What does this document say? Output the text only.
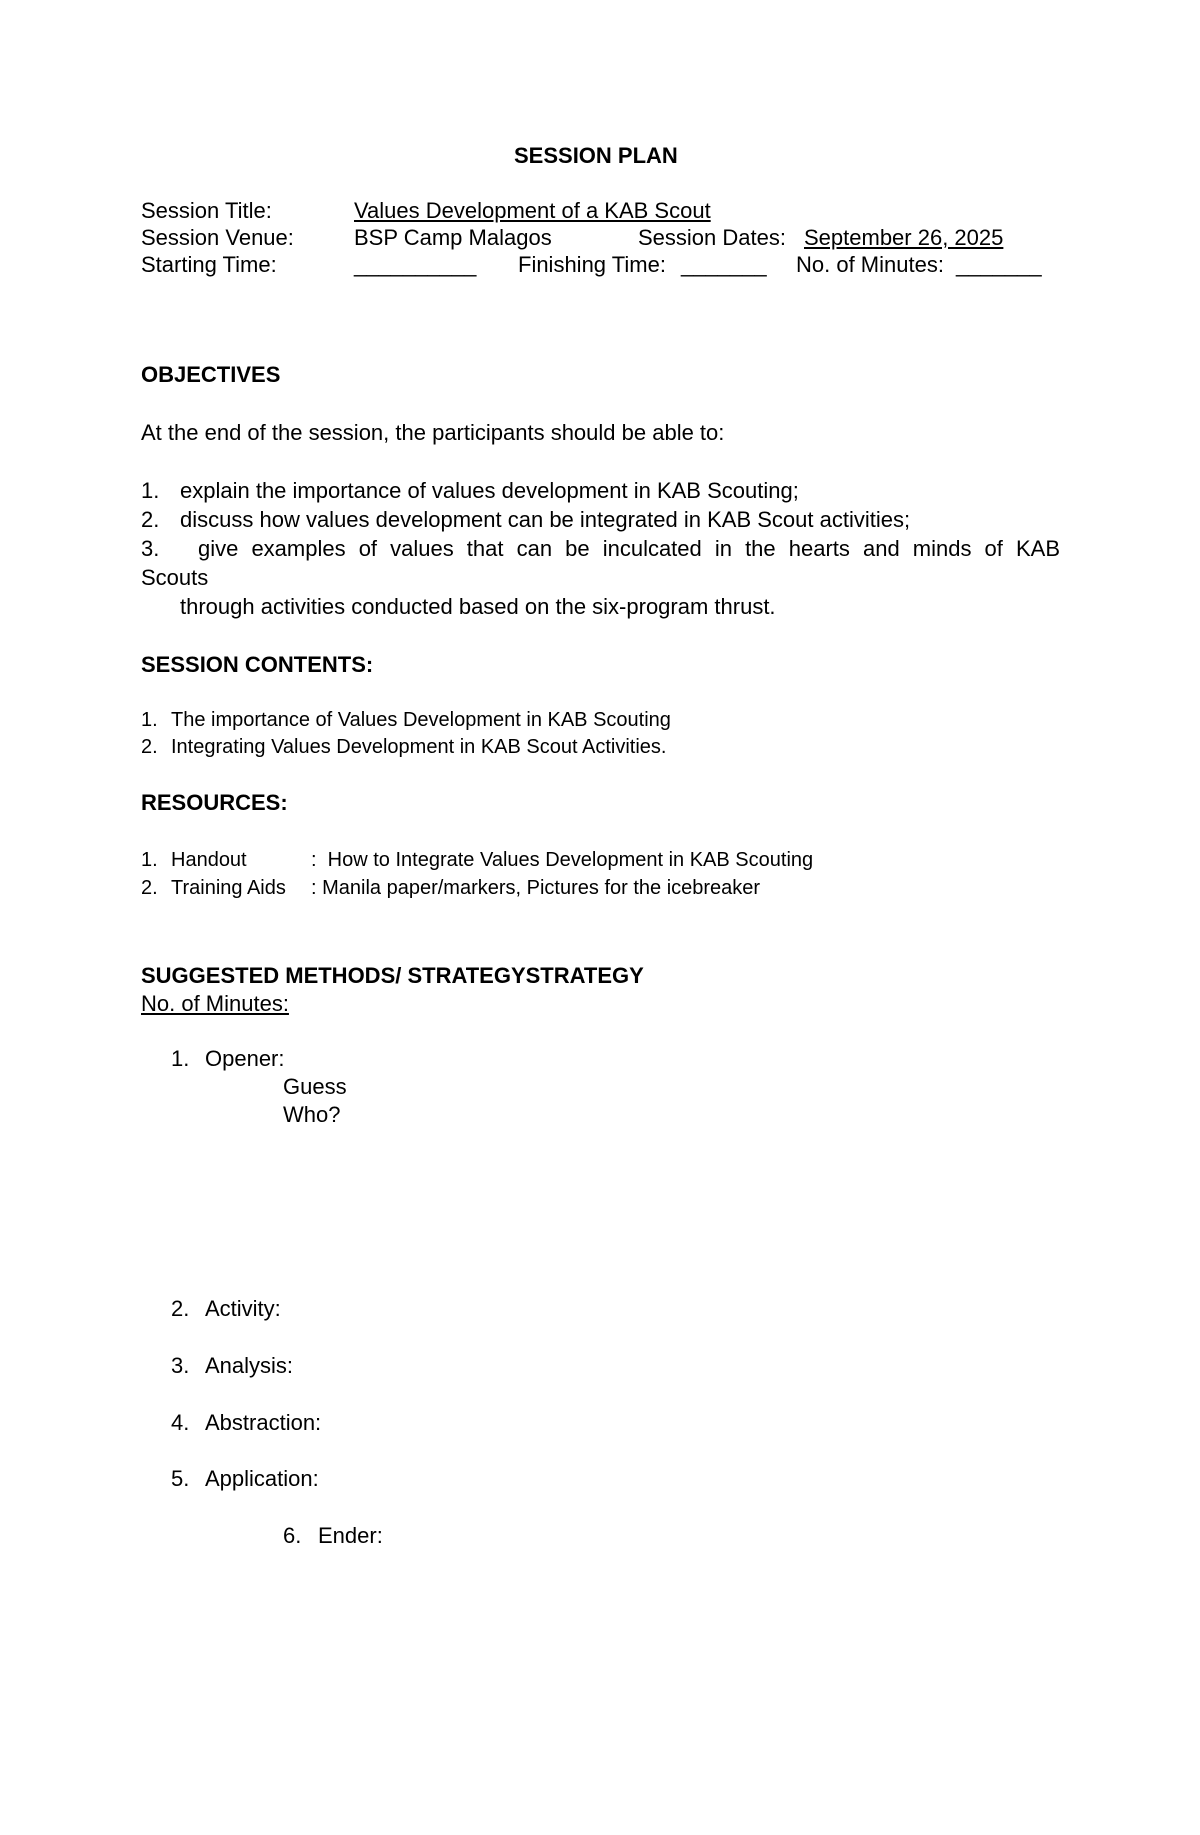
SESSION PLAN
Session Title:	Values Development of a KAB Scout
Session Venue:	BSP Camp Malagos	Session Dates: September 26, 2025
Starting Time:	__________ Finishing Time: _______ No. of Minutes: _______
OBJECTIVES
At the end of the session, the participants should be able to:
1. explain the importance of values development in KAB Scouting;
2. discuss how values development can be integrated in KAB Scout activities;
3. give examples of values that can be inculcated in the hearts and minds of KAB
Scouts
through activities conducted based on the six-program thrust.
SESSION CONTENTS:
1. The importance of Values Development in KAB Scouting
2. Integrating Values Development in KAB Scout Activities.
RESOURCES:
1. Handout	:  How to Integrate Values Development in KAB Scouting
2. Training Aids : Manila paper/markers, Pictures for the icebreaker
SUGGESTED METHODS/ STRATEGYSTRATEGY
No. of Minutes:
1. Opener:
Guess
Who?
2. Activity:
3. Analysis:
4. Abstraction:
5. Application:
6. Ender:
